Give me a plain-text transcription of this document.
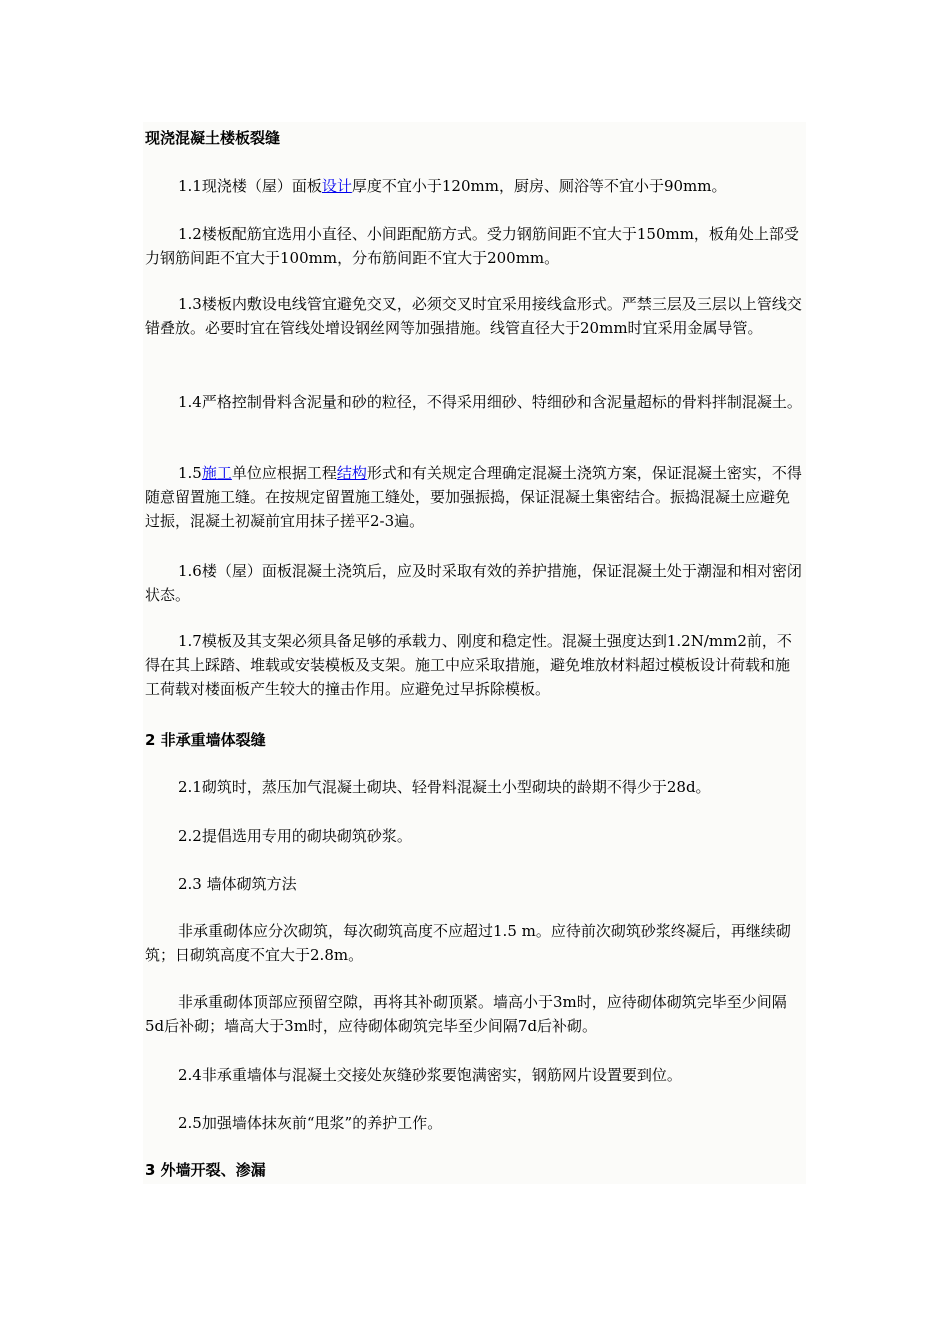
现浇混凝土楼板裂缝

1.1现浇楼（屋）面板设计厚度不宜小于120mm，厨房、厕浴等不宜小于90mm。

1.2楼板配筋宜选用小直径、小间距配筋方式。受力钢筋间距不宜大于150mm，板角处上部受力钢筋间距不宜大于100mm，分布筋间距不宜大于200mm。

1.3楼板内敷设电线管宜避免交叉，必须交叉时宜采用接线盒形式。严禁三层及三层以上管线交错叠放。必要时宜在管线处增设钢丝网等加强措施。线管直径大于20mm时宜采用金属导管。

1.4严格控制骨料含泥量和砂的粒径，不得采用细砂、特细砂和含泥量超标的骨料拌制混凝土。

1.5施工单位应根据工程结构形式和有关规定合理确定混凝土浇筑方案，保证混凝土密实，不得随意留置施工缝。在按规定留置施工缝处，要加强振捣，保证混凝土集密结合。振捣混凝土应避免过振，混凝土初凝前宜用抹子搓平2-3遍。

1.6楼（屋）面板混凝土浇筑后，应及时采取有效的养护措施，保证混凝土处于潮湿和相对密闭状态。

1.7模板及其支架必须具备足够的承载力、刚度和稳定性。混凝土强度达到1.2N/mm2前，不得在其上踩踏、堆载或安装模板及支架。施工中应采取措施，避免堆放材料超过模板设计荷载和施工荷载对楼面板产生较大的撞击作用。应避免过早拆除模板。

2 非承重墙体裂缝

2.1砌筑时，蒸压加气混凝土砌块、轻骨料混凝土小型砌块的龄期不得少于28d。

2.2提倡选用专用的砌块砌筑砂浆。

2.3 墙体砌筑方法

非承重砌体应分次砌筑，每次砌筑高度不应超过1.5 m。应待前次砌筑砂浆终凝后，再继续砌筑；日砌筑高度不宜大于2.8m。

非承重砌体顶部应预留空隙，再将其补砌顶紧。墙高小于3m时，应待砌体砌筑完毕至少间隔5d后补砌；墙高大于3m时，应待砌体砌筑完毕至少间隔7d后补砌。

2.4非承重墙体与混凝土交接处灰缝砂浆要饱满密实，钢筋网片设置要到位。

2.5加强墙体抹灰前“甩浆”的养护工作。

3 外墙开裂、渗漏
